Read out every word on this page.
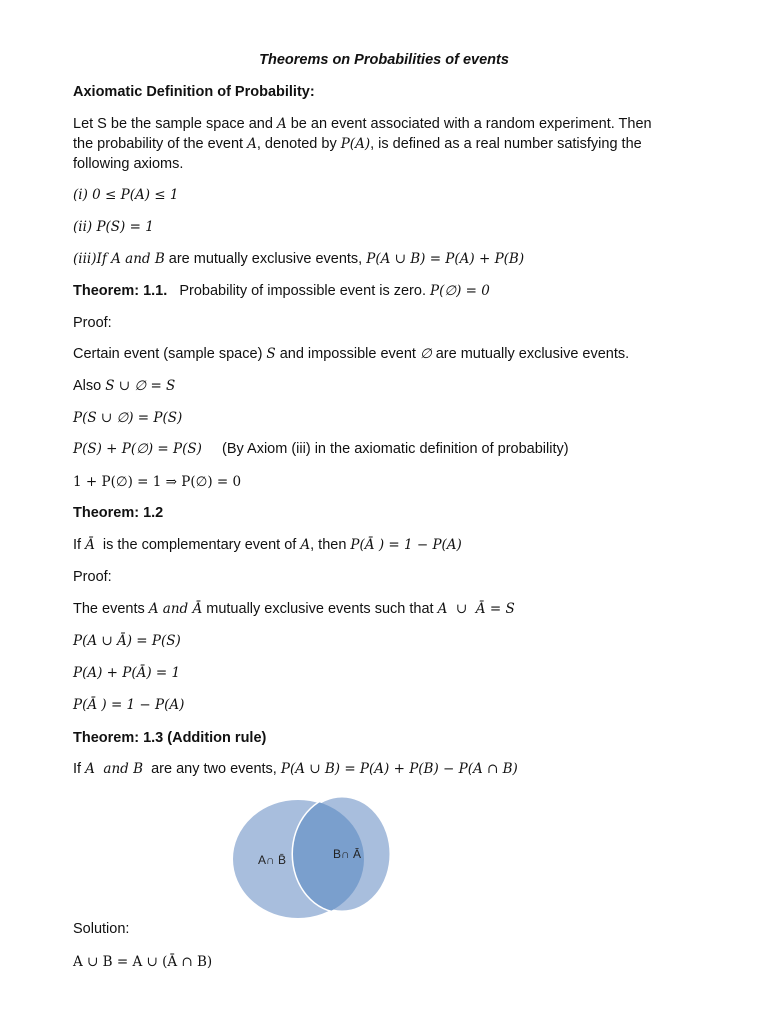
Theorems on Probabilities of events
Axiomatic Definition of Probability:
Let S be the sample space and A be an event associated with a random experiment. Then
the probability of the event A, denoted by P(A), is defined as a real number satisfying the
following axioms.
(i) 0 ≤ P(A) ≤ 1
(ii) P(S) = 1
(iii)If A and B are mutually exclusive events, P(A ∪ B) = P(A) + P(B)
Theorem: 1.1.   Probability of impossible event is zero. P(∅) = 0
Proof:
Certain event (sample space) S and impossible event ∅ are mutually exclusive events.
Also S ∪ ∅ = S
P(S ∪ ∅) = P(S)
P(S) + P(∅) = P(S)     (By Axiom (iii) in the axiomatic definition of probability)
1 + P(∅) = 1 ⇒ P(∅) = 0
Theorem: 1.2
If Ā  is the complementary event of A, then P(Ā ) = 1 − P(A)
Proof:
The events A and Ā mutually exclusive events such that A  ∪  Ā = S
P(A ∪ Ā) = P(S)
P(A) + P(Ā) = 1
P(Ā ) = 1 − P(A)
Theorem: 1.3 (Addition rule)
If A  and B  are any two events, P(A ∪ B) = P(A) + P(B) − P(A ∩ B)
A∩ B̄	B∩ Ā
Solution:
A ∪ B = A ∪ (Ā ∩ B)
